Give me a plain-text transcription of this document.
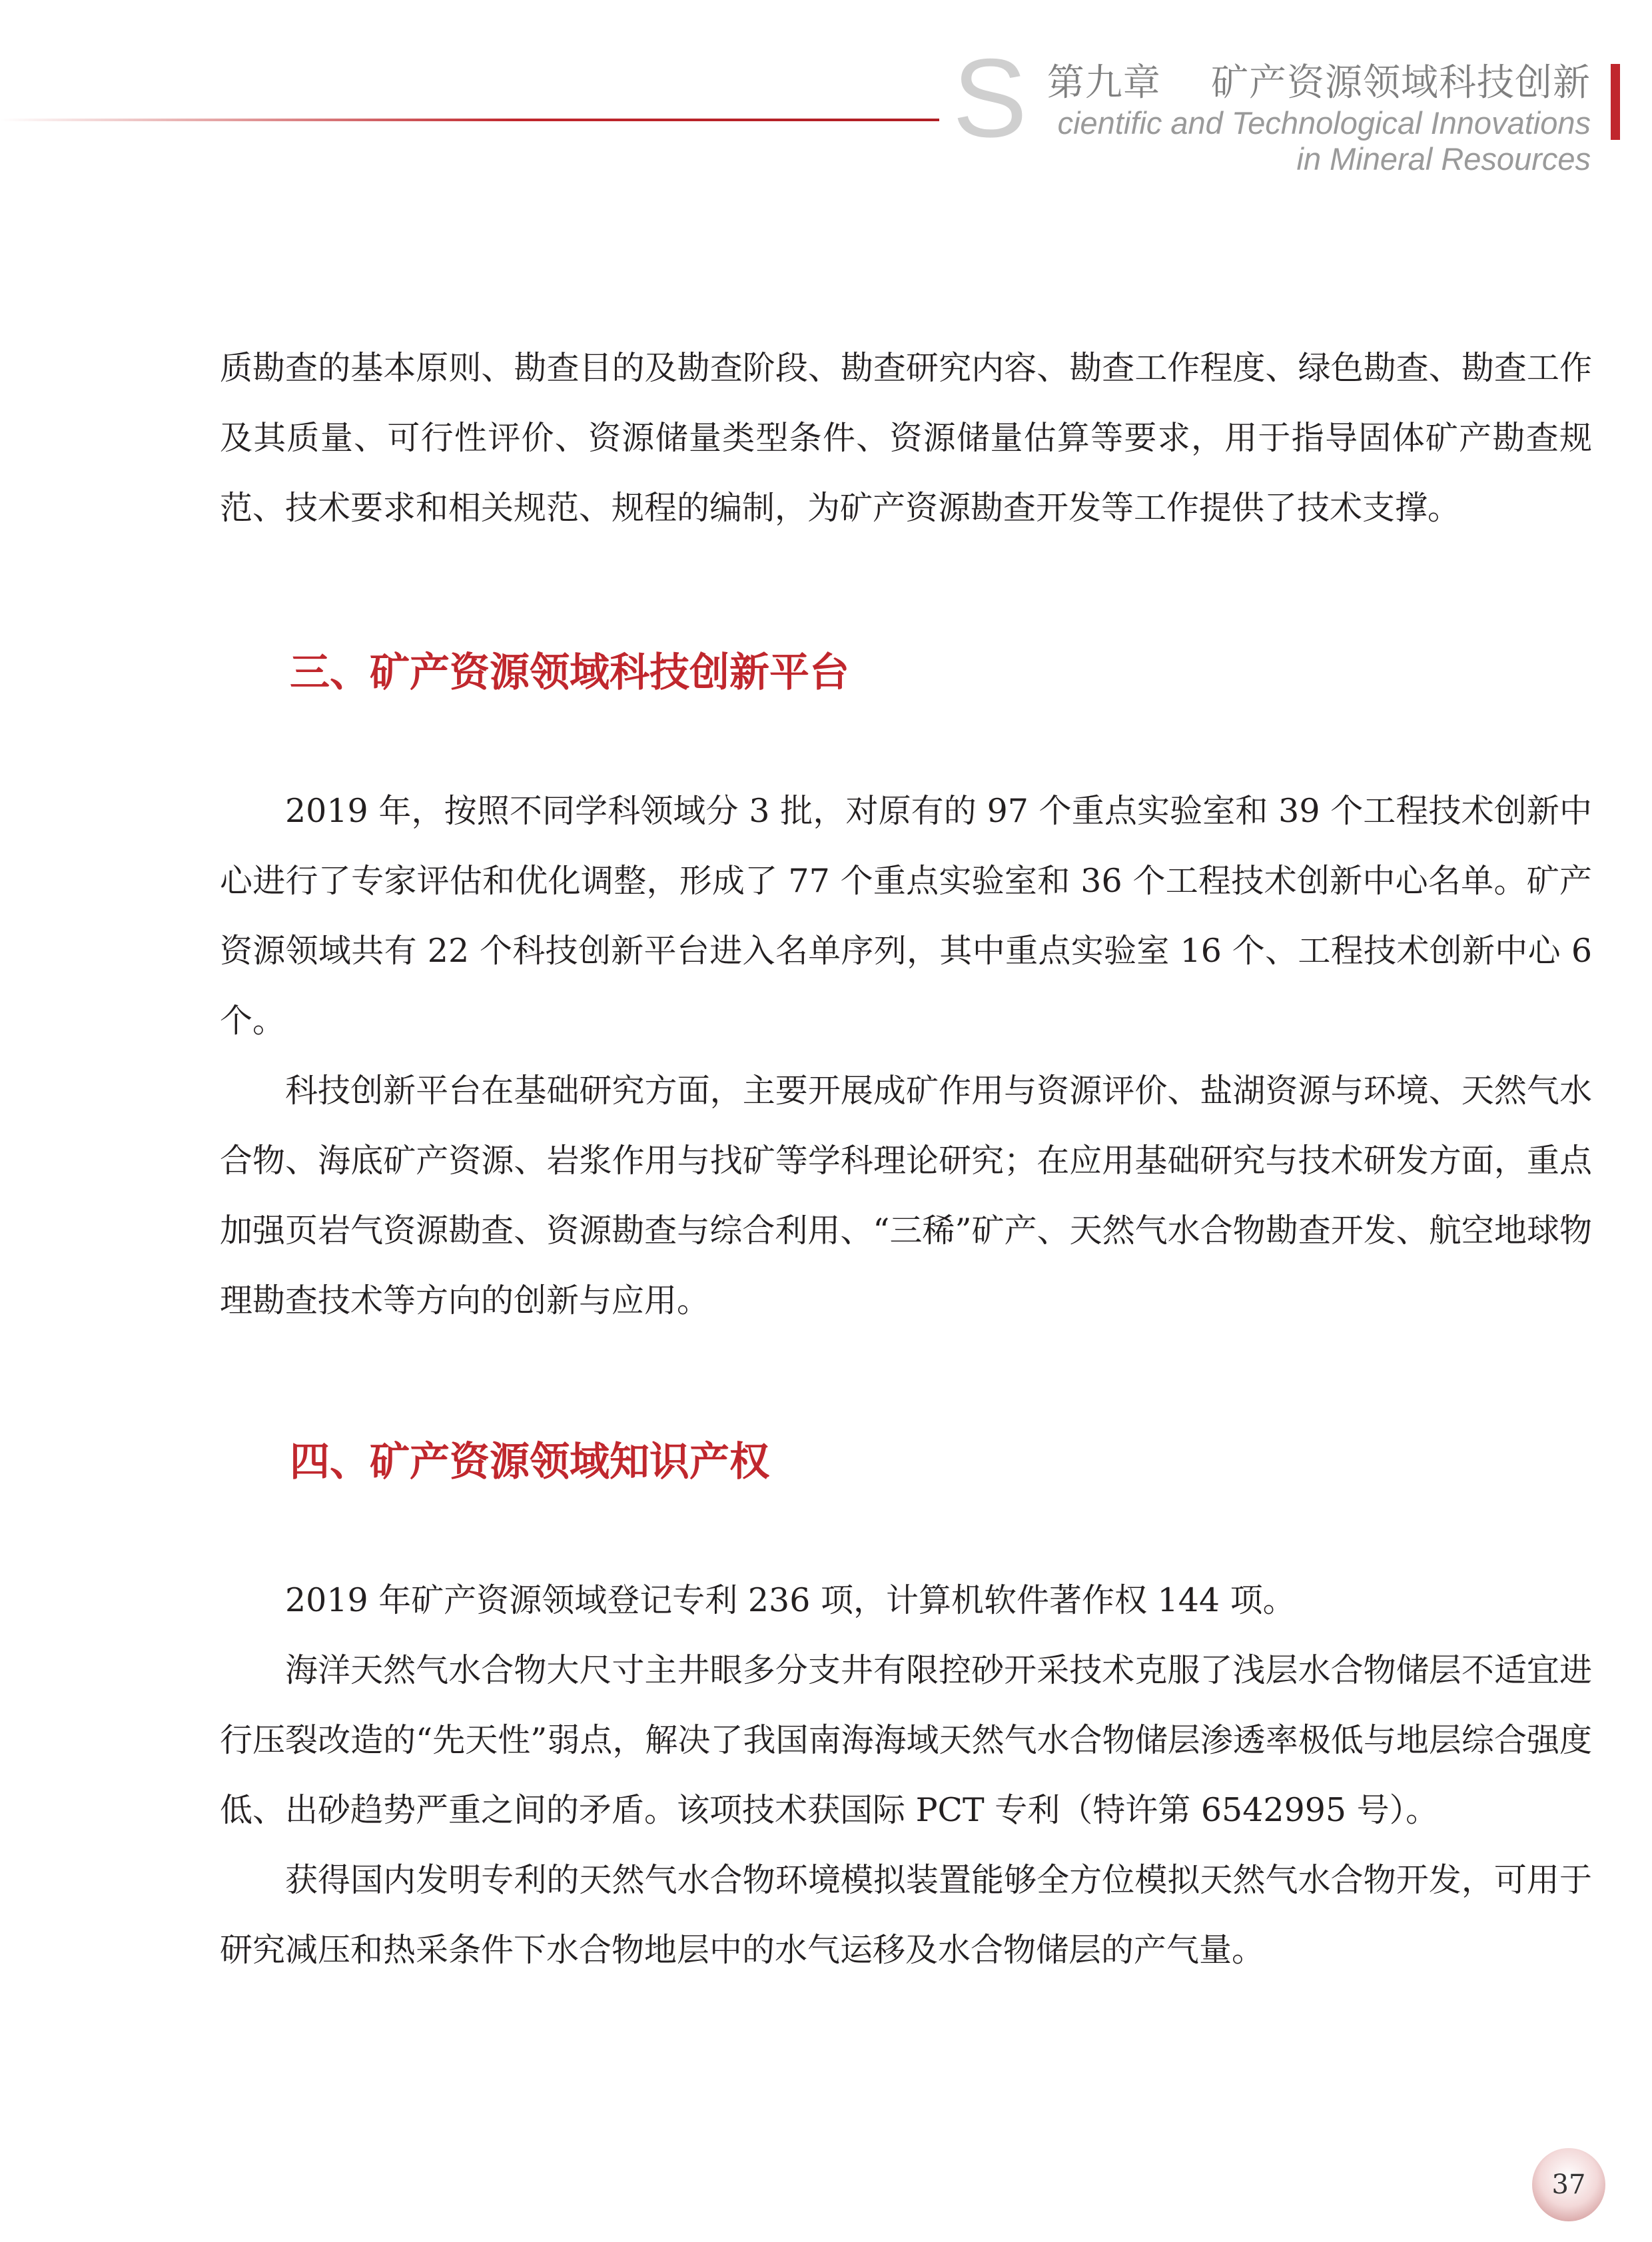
S 第九章    矿产资源领域科技创新
cientific and Technological Innovations
in Mineral Resources

质勘查的基本原则、勘查目的及勘查阶段、勘查研究内容、勘查工作程度、绿色勘查、勘查工作及其质量、可行性评价、资源储量类型条件、资源储量估算等要求，用于指导固体矿产勘查规范、技术要求和相关规范、规程的编制，为矿产资源勘查开发等工作提供了技术支撑。

三、矿产资源领域科技创新平台

2019 年，按照不同学科领域分 3 批，对原有的 97 个重点实验室和 39 个工程技术创新中心进行了专家评估和优化调整，形成了 77 个重点实验室和 36 个工程技术创新中心名单。矿产资源领域共有 22 个科技创新平台进入名单序列，其中重点实验室 16 个、工程技术创新中心 6 个。

科技创新平台在基础研究方面，主要开展成矿作用与资源评价、盐湖资源与环境、天然气水合物、海底矿产资源、岩浆作用与找矿等学科理论研究；在应用基础研究与技术研发方面，重点加强页岩气资源勘查、资源勘查与综合利用、“三稀”矿产、天然气水合物勘查开发、航空地球物理勘查技术等方向的创新与应用。

四、矿产资源领域知识产权

2019 年矿产资源领域登记专利 236 项，计算机软件著作权 144 项。

海洋天然气水合物大尺寸主井眼多分支井有限控砂开采技术克服了浅层水合物储层不适宜进行压裂改造的“先天性”弱点，解决了我国南海海域天然气水合物储层渗透率极低与地层综合强度低、出砂趋势严重之间的矛盾。该项技术获国际 PCT 专利（特许第 6542995 号）。

获得国内发明专利的天然气水合物环境模拟装置能够全方位模拟天然气水合物开发，可用于研究减压和热采条件下水合物地层中的水气运移及水合物储层的产气量。

37
